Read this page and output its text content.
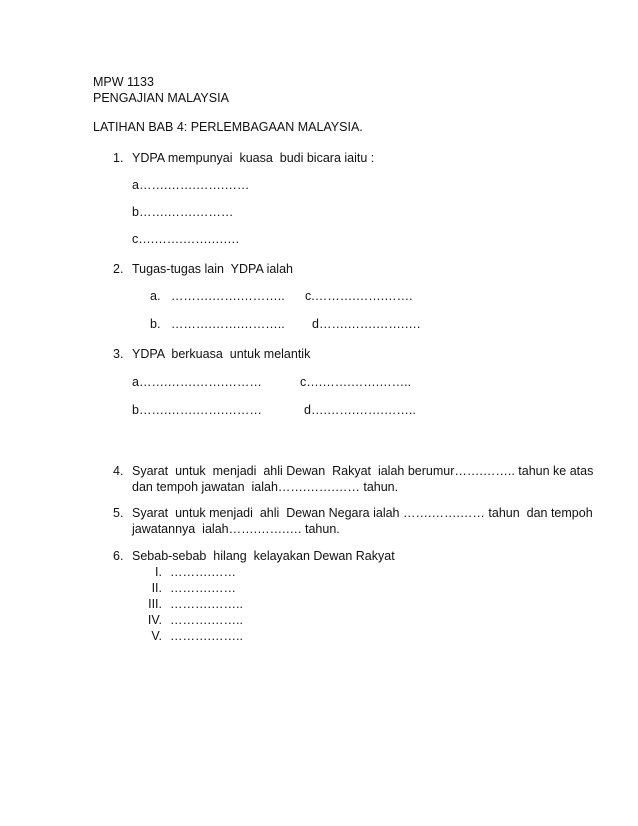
MPW 1133
PENGAJIAN MALAYSIA
LATIHAN BAB 4: PERLEMBAGAAN MALAYSIA.
1. YDPA mempunyai  kuasa  budi bicara iaitu :
a…….…….…….……
b…….…….………
c….…….…….….…
2. Tugas-tugas lain  YDPA ialah
a.   ……….…….……….. c.……….…….…….
b.   ……….…….……….. d…….…….…….….
3. YDPA  berkuasa  untuk melantik
a…….…….…….………	c….…….…….……..
b…….…….…….………	d….…….…….……..
4. Syarat  untuk  menjadi  ahli Dewan  Rakyat  ialah berumur…….…….. tahun ke atas
dan tempoh jawatan  ialah…….…….…… tahun.
5. Syarat  untuk menjadi  ahli  Dewan Negara ialah …….…….…… tahun  dan tempoh
jawatannya  ialah…….…….…. tahun.
6. Sebab-sebab  hilang  kelayakan Dewan Rakyat
I. ……….……
II. ……….……
III. ……….……..
IV. ……….……..
V. ……….……..
